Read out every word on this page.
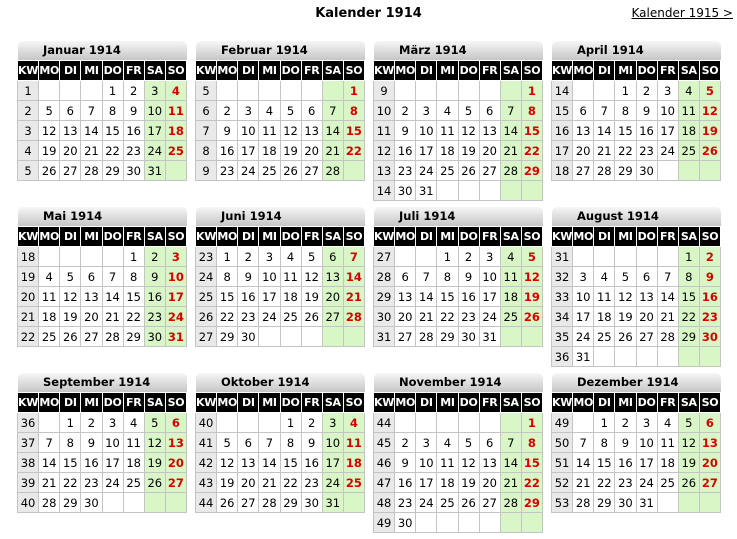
Kalender 1914	Kalender 1915 >
Januar 1914
KW	MO	DI	MI	DO	FR	SA	SO
1				1	2	3	4
2	5	6	7	8	9	10	11
3	12	13	14	15	16	17	18
4	19	20	21	22	23	24	25
5	26	27	28	29	30	31	
Februar 1914
KW	MO	DI	MI	DO	FR	SA	SO
5							1
6	2	3	4	5	6	7	8
7	9	10	11	12	13	14	15
8	16	17	18	19	20	21	22
9	23	24	25	26	27	28	
März 1914
KW	MO	DI	MI	DO	FR	SA	SO
9							1
10	2	3	4	5	6	7	8
11	9	10	11	12	13	14	15
12	16	17	18	19	20	21	22
13	23	24	25	26	27	28	29
14	30	31					
April 1914
KW	MO	DI	MI	DO	FR	SA	SO
14			1	2	3	4	5
15	6	7	8	9	10	11	12
16	13	14	15	16	17	18	19
17	20	21	22	23	24	25	26
18	27	28	29	30			
Mai 1914
KW	MO	DI	MI	DO	FR	SA	SO
18					1	2	3
19	4	5	6	7	8	9	10
20	11	12	13	14	15	16	17
21	18	19	20	21	22	23	24
22	25	26	27	28	29	30	31
Juni 1914
KW	MO	DI	MI	DO	FR	SA	SO
23	1	2	3	4	5	6	7
24	8	9	10	11	12	13	14
25	15	16	17	18	19	20	21
26	22	23	24	25	26	27	28
27	29	30					
Juli 1914
KW	MO	DI	MI	DO	FR	SA	SO
27			1	2	3	4	5
28	6	7	8	9	10	11	12
29	13	14	15	16	17	18	19
30	20	21	22	23	24	25	26
31	27	28	29	30	31		
August 1914
KW	MO	DI	MI	DO	FR	SA	SO
31						1	2
32	3	4	5	6	7	8	9
33	10	11	12	13	14	15	16
34	17	18	19	20	21	22	23
35	24	25	26	27	28	29	30
36	31						
September 1914
KW	MO	DI	MI	DO	FR	SA	SO
36		1	2	3	4	5	6
37	7	8	9	10	11	12	13
38	14	15	16	17	18	19	20
39	21	22	23	24	25	26	27
40	28	29	30				
Oktober 1914
KW	MO	DI	MI	DO	FR	SA	SO
40				1	2	3	4
41	5	6	7	8	9	10	11
42	12	13	14	15	16	17	18
43	19	20	21	22	23	24	25
44	26	27	28	29	30	31	
November 1914
KW	MO	DI	MI	DO	FR	SA	SO
44							1
45	2	3	4	5	6	7	8
46	9	10	11	12	13	14	15
47	16	17	18	19	20	21	22
48	23	24	25	26	27	28	29
49	30						
Dezember 1914
KW	MO	DI	MI	DO	FR	SA	SO
49		1	2	3	4	5	6
50	7	8	9	10	11	12	13
51	14	15	16	17	18	19	20
52	21	22	23	24	25	26	27
53	28	29	30	31			
